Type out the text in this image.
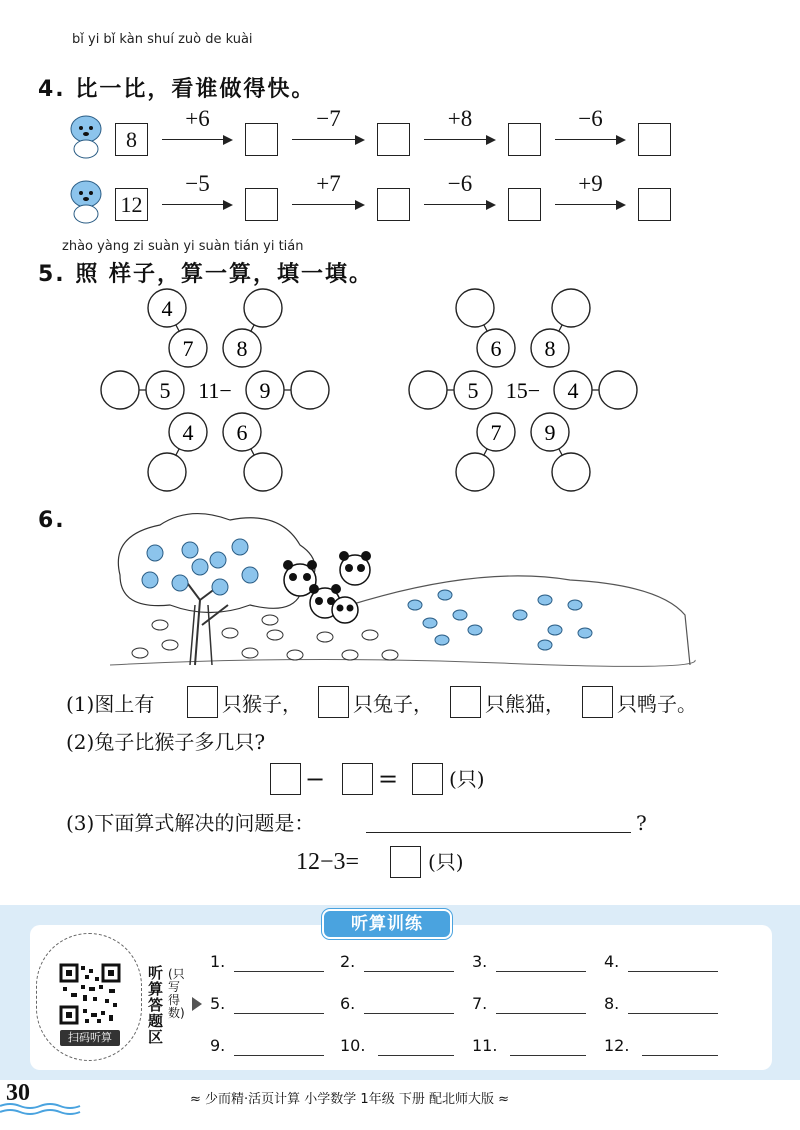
bǐ yi bǐ kàn shuí zuò de kuài
4. 比一比，看谁做得快。
8
+6	−7	+8	−6
12
−5	+7	−6	+9
zhào yàng zi suàn yi suàn tián yi tián
5. 照 样子，算一算，填一填。
11−
7 8
5	9
4 6
4
15−
6 8
5	4
7 9
6.
(1)图上有	只猴子，	只兔子，	只熊猫，	只鸭子。
(2)兔子比猴子多几只?
− =	(只)
(3)下面算式解决的问题是：	?
12−3=	(只)
听算训练
扫码听算
听算答题区
(只写得数)
1.	2.	3.	4.
5.	6.	7.	8.
9.	10.	11.	12.
30	≈ 少而精·活页计算 小学数学 1年级 下册 配北师大版 ≈
